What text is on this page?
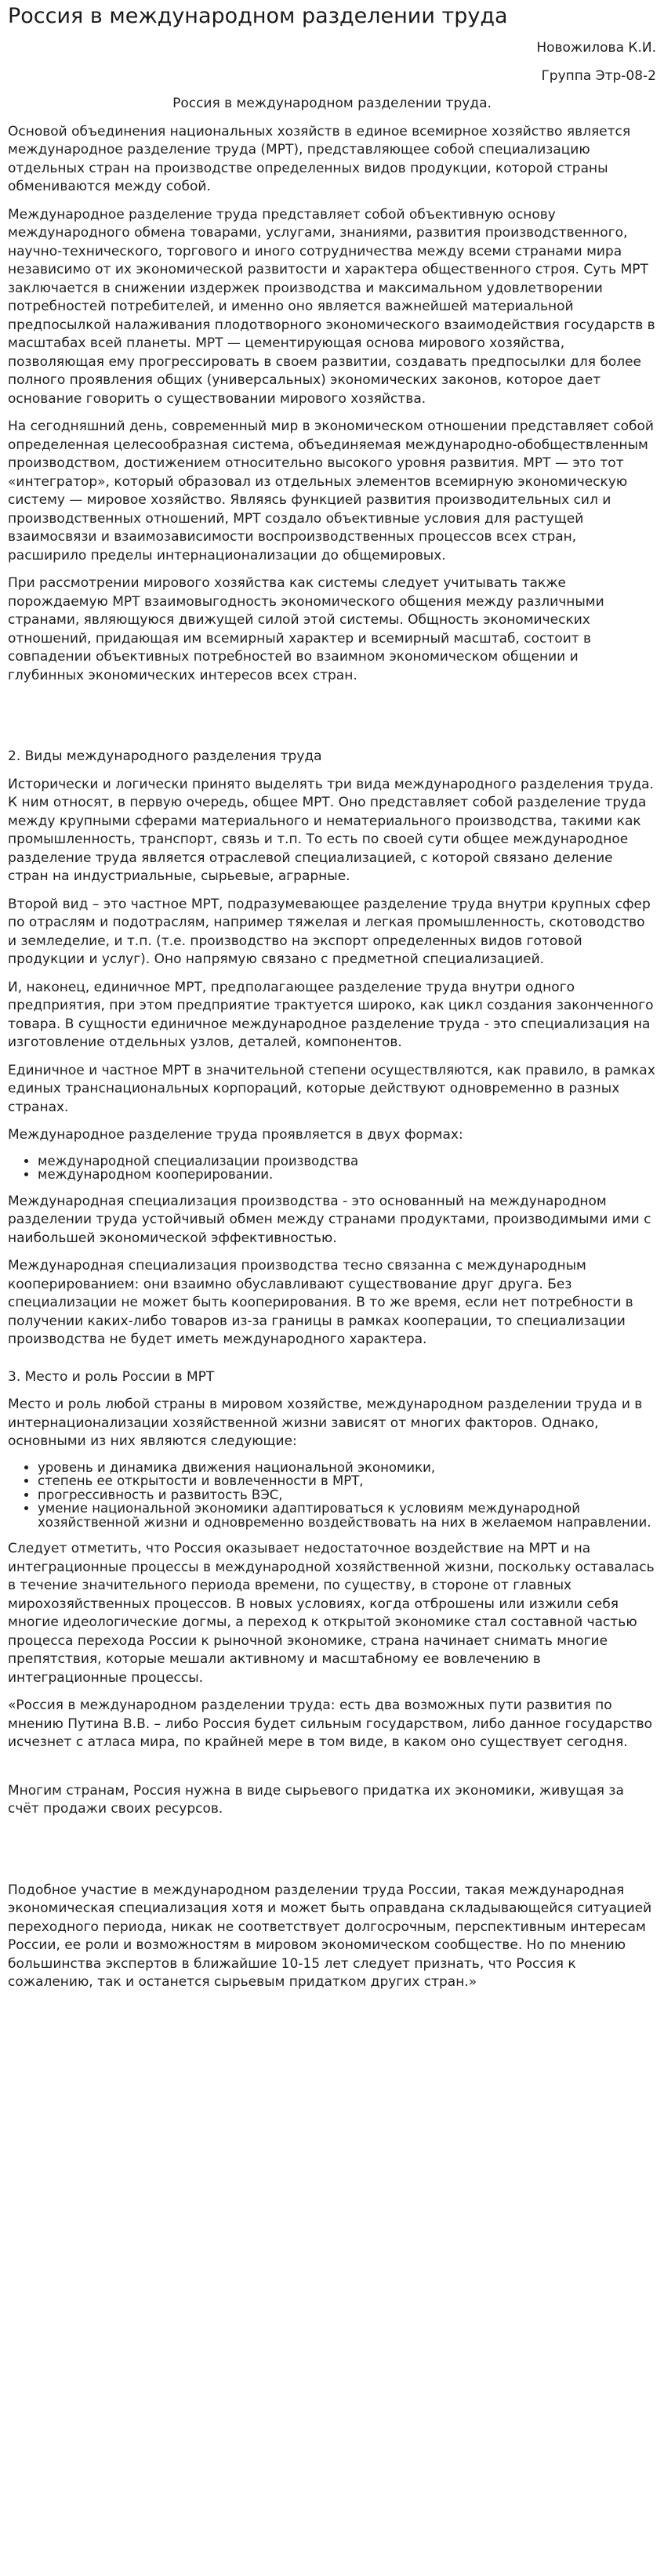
Россия в международном разделении труда

Новожилова К.И.

Группа Этр-08-2

Россия в международном разделении труда.

Основой объединения национальных хозяйств в единое всемирное хозяйство является международное разделение труда (МРТ), представляющее собой специализацию отдельных стран на производстве определенных видов продукции, которой страны обмениваются между собой.

Международное разделение труда представляет собой объективную основу международного обмена товарами, услугами, знаниями, развития производственного, научно-технического, торгового и иного сотрудничества между всеми странами мира независимо от их экономической развитости и характера общественного строя. Суть МРТ заключается в снижении издержек производства и максимальном удовлетворении потребностей потребителей, и именно оно является важнейшей материальной предпосылкой налаживания плодотворного экономического взаимодействия государств в масштабах всей планеты. МРТ — цементирующая основа мирового хозяйства, позволяющая ему прогрессировать в своем развитии, создавать предпосылки для более полного проявления общих (универсальных) экономических законов, которое дает основание говорить о существовании мирового хозяйства.

На сегодняшний день, современный мир в экономическом отношении представляет собой определенная целесообразная система, объединяемая международно-обобществленным производством, достижением относительно высокого уровня развития. МРТ — это тот «интегратор», который образовал из отдельных элементов всемирную экономическую систему — мировое хозяйство. Являясь функцией развития производительных сил и производственных отношений, МРТ создало объективные условия для растущей взаимосвязи и взаимозависимости воспроизводственных процессов всех стран, расширило пределы интернационализации до общемировых.

При рассмотрении мирового хозяйства как системы следует учитывать также порождаемую МРТ взаимовыгодность экономического общения между различными странами, являющуюся движущей силой этой системы. Общность экономических отношений, придающая им всемирный характер и всемирный масштаб, состоит в совпадении объективных потребностей во взаимном экономическом общении и глубинных экономических интересов всех стран.

2. Виды международного разделения труда

Исторически и логически принято выделять три вида международного разделения труда. К ним относят, в первую очередь, общее МРТ. Оно представляет собой разделение труда между крупными сферами материального и нематериального производства, такими как промышленность, транспорт, связь и т.п. То есть по своей сути общее международное разделение труда является отраслевой специализацией, с которой связано деление стран на индустриальные, сырьевые, аграрные.

Второй вид – это частное МРТ, подразумевающее разделение труда внутри крупных сфер по отраслям и подотраслям, например тяжелая и легкая промышленность, скотоводство и земледелие, и т.п. (т.е. производство на экспорт определенных видов готовой продукции и услуг). Оно напрямую связано с предметной специализацией.

И, наконец, единичное МРТ, предполагающее разделение труда внутри одного предприятия, при этом предприятие трактуется широко, как цикл создания законченного товара. В сущности единичное международное разделение труда - это специализация на изготовление отдельных узлов, деталей, компонентов.

Единичное и частное МРТ в значительной степени осуществляются, как правило, в рамках единых транснациональных корпораций, которые действуют одновременно в разных странах.

Международное разделение труда проявляется в двух формах:

• международной специализации производства
• международном кооперировании.

Международная специализация производства - это основанный на международном разделении труда устойчивый обмен между странами продуктами, производимыми ими с наибольшей экономической эффективностью.

Международная специализация производства тесно связанна с международным кооперированием: они взаимно обуславливают существование друг друга. Без специализации не может быть кооперирования. В то же время, если нет потребности в получении каких-либо товаров из-за границы в рамках кооперации, то специализации производства не будет иметь международного характера.

3. Место и роль России в МРТ

Место и роль любой страны в мировом хозяйстве, международном разделении труда и в интернационализации хозяйственной жизни зависят от многих факторов. Однако, основными из них являются следующие:

• уровень и динамика движения национальной экономики,
• степень ее открытости и вовлеченности в МРТ,
• прогрессивность и развитость ВЭС,
• умение национальной экономики адаптироваться к условиям международной хозяйственной жизни и одновременно воздействовать на них в желаемом направлении.

Следует отметить, что Россия оказывает недостаточное воздействие на МРТ и на интеграционные процессы в международной хозяйственной жизни, поскольку оставалась в течение значительного периода времени, по существу, в стороне от главных мирохозяйственных процессов. В новых условиях, когда отброшены или изжили себя многие идеологические догмы, а переход к открытой экономике стал составной частью процесса перехода России к рыночной экономике, страна начинает снимать многие препятствия, которые мешали активному и масштабному ее вовлечению в интеграционные процессы.

«Россия в международном разделении труда: есть два возможных пути развития по мнению Путина В.В. – либо Россия будет сильным государством, либо данное государство исчезнет с атласа мира, по крайней мере в том виде, в каком оно существует сегодня.

Многим странам, Россия нужна в виде сырьевого придатка их экономики, живущая за счёт продажи своих ресурсов.

Подобное участие в международном разделении труда России, такая международная экономическая специализация хотя и может быть оправдана складывающейся ситуацией переходного периода, никак не соответствует долгосрочным, перспективным интересам России, ее роли и возможностям в мировом экономическом сообществе. Но по мнению большинства экспертов в ближайшие 10-15 лет следует признать, что Россия к сожалению, так и останется сырьевым придатком других стран.»
